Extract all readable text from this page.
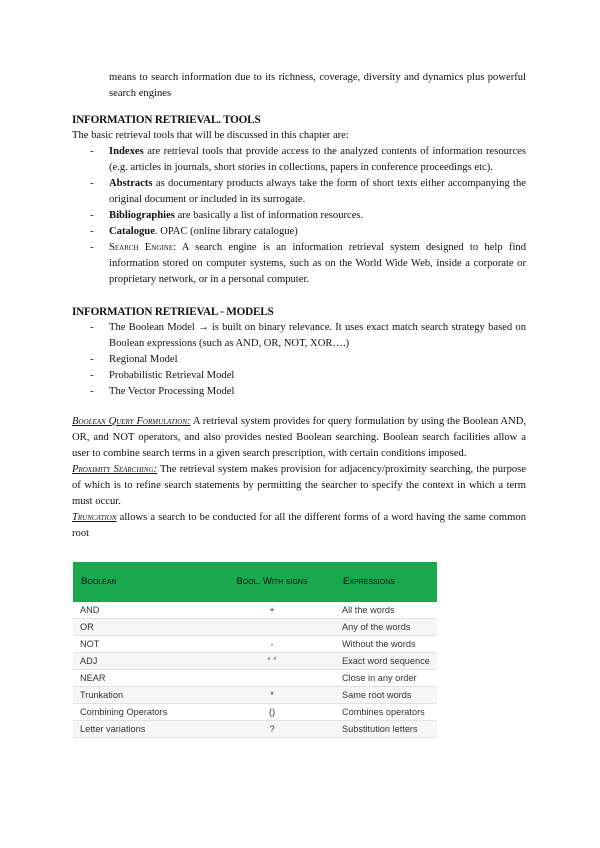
means to search information due to its richness, coverage, diversity and dynamics plus powerful search engines

INFORMATION RETRIEVAL. TOOLS

The basic retrieval tools that will be discussed in this chapter are:

- Indexes are retrieval tools that provide access to the analyzed contents of information resources (e.g. articles in journals, short stories in collections, papers in conference proceedings etc).
- Abstracts as documentary products always take the form of short texts either accompanying the original document or included in its surrogate.
- Bibliographies are basically a list of information resources.
- Catalogue. OPAC (online library catalogue)
- Search Engine: A search engine is an information retrieval system designed to help find information stored on computer systems, such as on the World Wide Web, inside a corporate or proprietary network, or in a personal computer.
INFORMATION RETRIEVAL - MODELS
- The Boolean Model → is built on binary relevance. It uses exact match search strategy based on Boolean expressions (such as AND, OR, NOT, XOR….)
- Regional Model
- Probabilistic Retrieval Model
- The Vector Processing Model

Boolean Query Formulation: A retrieval system provides for query formulation by using the Boolean AND, OR, and NOT operators, and also provides nested Boolean searching. Boolean search facilities allow a user to combine search terms in a given search prescription, with certain conditions imposed.

Proximity Searching: The retrieval system makes provision for adjacency/proximity searching, the purpose of which is to refine search statements by permitting the searcher to specify the context in which a term must occur.

Truncation allows a search to be conducted for all the different forms of a word having the same common root

Boolean	Bool. With signs	Expressions
AND	+	All the words
OR		Any of the words
NOT	-	Without the words
ADJ	“ ”	Exact word sequence
NEAR		Close in any order
Trunkation	*	Same root words
Combining Operators	()	Combines operators
Letter variations	?	Substitution letters
